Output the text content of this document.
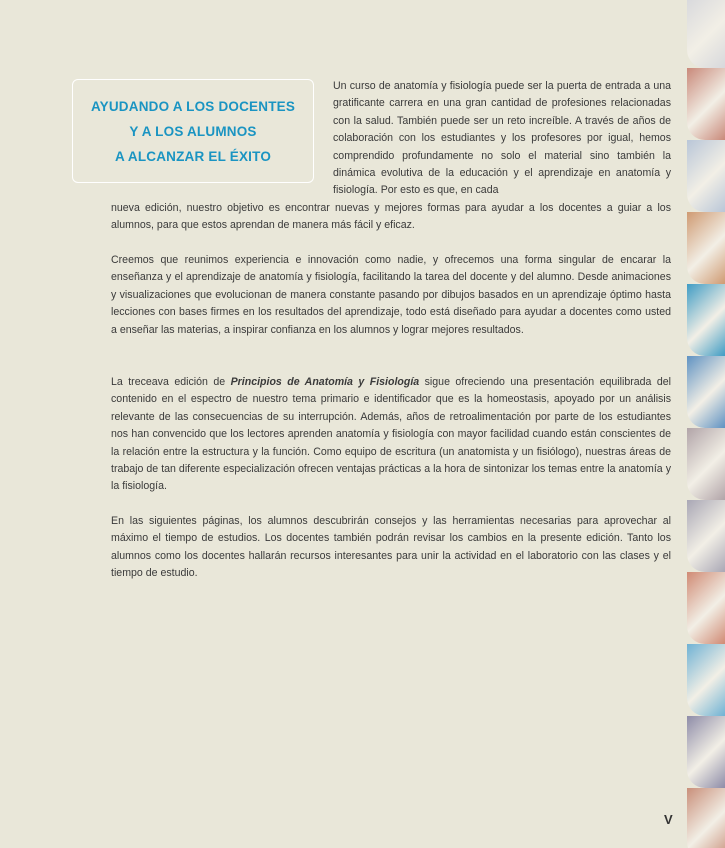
AYUDANDO A LOS DOCENTES
Y A LOS ALUMNOS
A ALCANZAR EL ÉXITO

Un curso de anatomía y fisiología puede ser la puerta de entrada a una gratificante carrera en una gran cantidad de profesiones relacionadas con la salud. También puede ser un reto increíble. A través de años de colaboración con los estudiantes y los profesores por igual, hemos comprendido profundamente no solo el material sino también la dinámica evolutiva de la educación y el aprendizaje en anatomía y fisiología. Por esto es que, en cada

nueva edición, nuestro objetivo es encontrar nuevas y mejores formas para ayudar a los docentes a guiar a los alumnos, para que estos aprendan de manera más fácil y eficaz.

Creemos que reunimos experiencia e innovación como nadie, y ofrecemos una forma singular de encarar la enseñanza y el aprendizaje de anatomía y fisiología, facilitando la tarea del docente y del alumno. Desde animaciones y visualizaciones que evolucionan de manera constante pasando por dibujos basados en un aprendizaje óptimo hasta lecciones con bases firmes en los resultados del aprendizaje, todo está diseñado para ayudar a docentes como usted a enseñar las materias, a inspirar confianza en los alumnos y lograr mejores resultados.

La treceava edición de Principios de Anatomía y Fisiología sigue ofreciendo una presentación equilibrada del contenido en el espectro de nuestro tema primario e identificador que es la homeostasis, apoyado por un análisis relevante de las consecuencias de su interrupción. Además, años de retroalimentación por parte de los estudiantes nos han convencido que los lectores aprenden anatomía y fisiología con mayor facilidad cuando están conscientes de la relación entre la estructura y la función. Como equipo de escritura (un anatomista y un fisiólogo), nuestras áreas de trabajo de tan diferente especialización ofrecen ventajas prácticas a la hora de sintonizar los temas entre la anatomía y la fisiología.

En las siguientes páginas, los alumnos descubrirán consejos y las herramientas necesarias para aprovechar al máximo el tiempo de estudios. Los docentes también podrán revisar los cambios en la presente edición. Tanto los alumnos como los docentes hallarán recursos interesantes para unir la actividad en el laboratorio con las clases y el tiempo de estudio.

V
